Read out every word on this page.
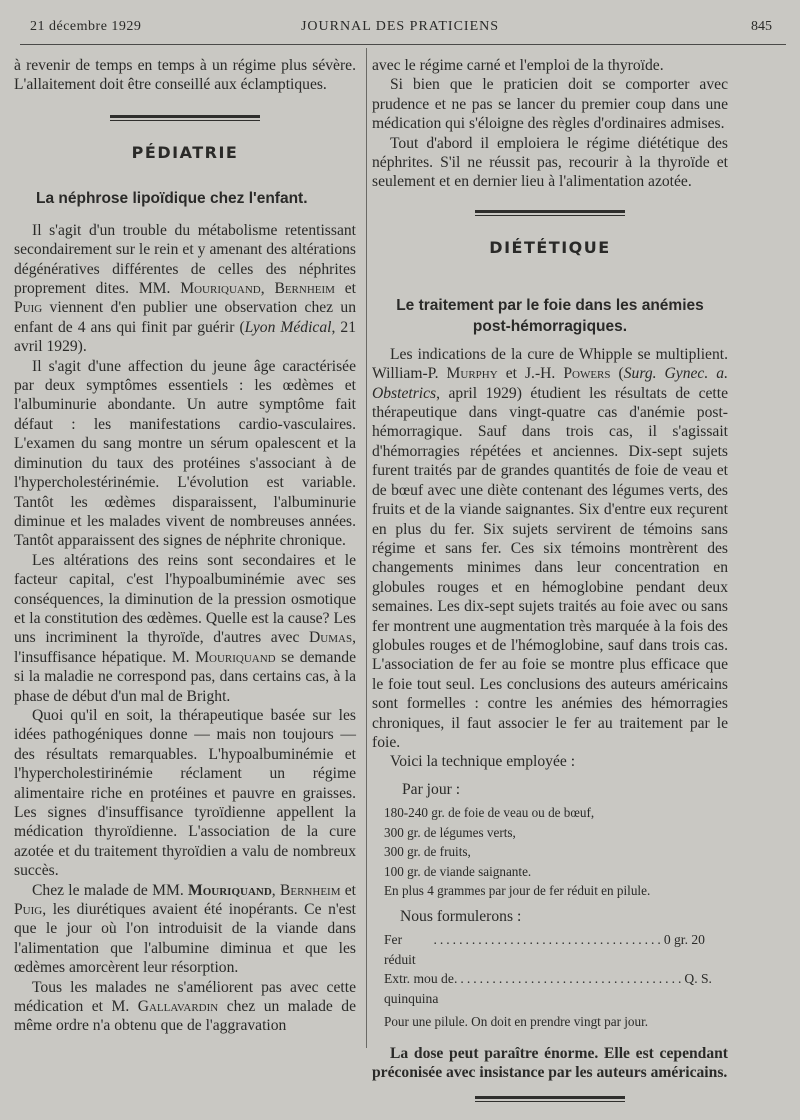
21 décembre 1929	JOURNAL DES PRATICIENS	845

à revenir de temps en temps à un régime plus sévère. L'allaitement doit être conseillé aux éclamptiques.

PÉDIATRIE
La néphrose lipoïdique chez l'enfant.

Il s'agit d'un trouble du métabolisme retentissant secondairement sur le rein et y amenant des altérations dégénératives différentes de celles des néphrites proprement dites. MM. Mouriquand, Bernheim et Puig viennent d'en publier une observation chez un enfant de 4 ans qui finit par guérir (Lyon Médical, 21 avril 1929).

Il s'agit d'une affection du jeune âge caractérisée par deux symptômes essentiels : les œdèmes et l'albuminurie abondante. Un autre symptôme fait défaut : les manifestations cardio-vasculaires. L'examen du sang montre un sérum opalescent et la diminution du taux des protéines s'associant à de l'hypercholestérinémie. L'évolution est variable. Tantôt les œdèmes disparaissent, l'albuminurie diminue et les malades vivent de nombreuses années. Tantôt apparaissent des signes de néphrite chronique.

Les altérations des reins sont secondaires et le facteur capital, c'est l'hypoalbuminémie avec ses conséquences, la diminution de la pression osmotique et la constitution des œdèmes. Quelle est la cause? Les uns incriminent la thyroïde, d'autres avec Dumas, l'insuffisance hépatique. M. Mouriquand se demande si la maladie ne correspond pas, dans certains cas, à la phase de début d'un mal de Bright.

Quoi qu'il en soit, la thérapeutique basée sur les idées pathogéniques donne — mais non toujours — des résultats remarquables. L'hypoalbuminémie et l'hypercholestirinémie réclament un régime alimentaire riche en protéines et pauvre en graisses. Les signes d'insuffisance tyroïdienne appellent la médication thyroïdienne. L'association de la cure azotée et du traitement thyroïdien a valu de nombreux succès.

Chez le malade de MM. Mouriquand, Bernheim et Puig, les diurétiques avaient été inopérants. Ce n'est que le jour où l'on introduisit de la viande dans l'alimentation que l'albumine diminua et que les œdèmes amorcèrent leur résorption.

Tous les malades ne s'améliorent pas avec cette médication et M. Gallavardin chez un malade de même ordre n'a obtenu que de l'aggravation

avec le régime carné et l'emploi de la thyroïde.

Si bien que le praticien doit se comporter avec prudence et ne pas se lancer du premier coup dans une médication qui s'éloigne des règles d'ordinaires admises.

Tout d'abord il emploiera le régime diététique des néphrites. S'il ne réussit pas, recourir à la thyroïde et seulement et en dernier lieu à l'alimentation azotée.

DIÉTÉTIQUE
Le traitement par le foie dans les anémies
post-hémorragiques.

Les indications de la cure de Whipple se multiplient. William-P. Murphy et J.-H. Powers (Surg. Gynec. a. Obstetrics, april 1929) étudient les résultats de cette thérapeutique dans vingt-quatre cas d'anémie post-hémorragique. Sauf dans trois cas, il s'agissait d'hémorragies répétées et anciennes. Dix-sept sujets furent traités par de grandes quantités de foie de veau et de bœuf avec une diète contenant des légumes verts, des fruits et de la viande saignantes. Six d'entre eux reçurent en plus du fer. Six sujets servirent de témoins sans régime et sans fer. Ces six témoins montrèrent des changements minimes dans leur concentration en globules rouges et en hémoglobine pendant deux semaines. Les dix-sept sujets traités au foie avec ou sans fer montrent une augmentation très marquée à la fois des globules rouges et de l'hémoglobine, sauf dans trois cas. L'association de fer au foie se montre plus efficace que le foie tout seul. Les conclusions des auteurs américains sont formelles : contre les anémies des hémorragies chroniques, il faut associer le fer au traitement par le foie.

Voici la technique employée :

Par jour :

180-240 gr. de foie de veau ou de bœuf,
300 gr. de légumes verts,
300 gr. de fruits,
100 gr. de viande saignante.
En plus 4 grammes par jour de fer réduit en pilule.

Nous formulerons :

Fer réduit
.................................... 0 gr. 20
Extr. mou de quinquina
.................................... Q. S.
Pour une pilule. On doit en prendre vingt par jour.

La dose peut paraître énorme. Elle est cependant préconisée avec insistance par les auteurs américains.
